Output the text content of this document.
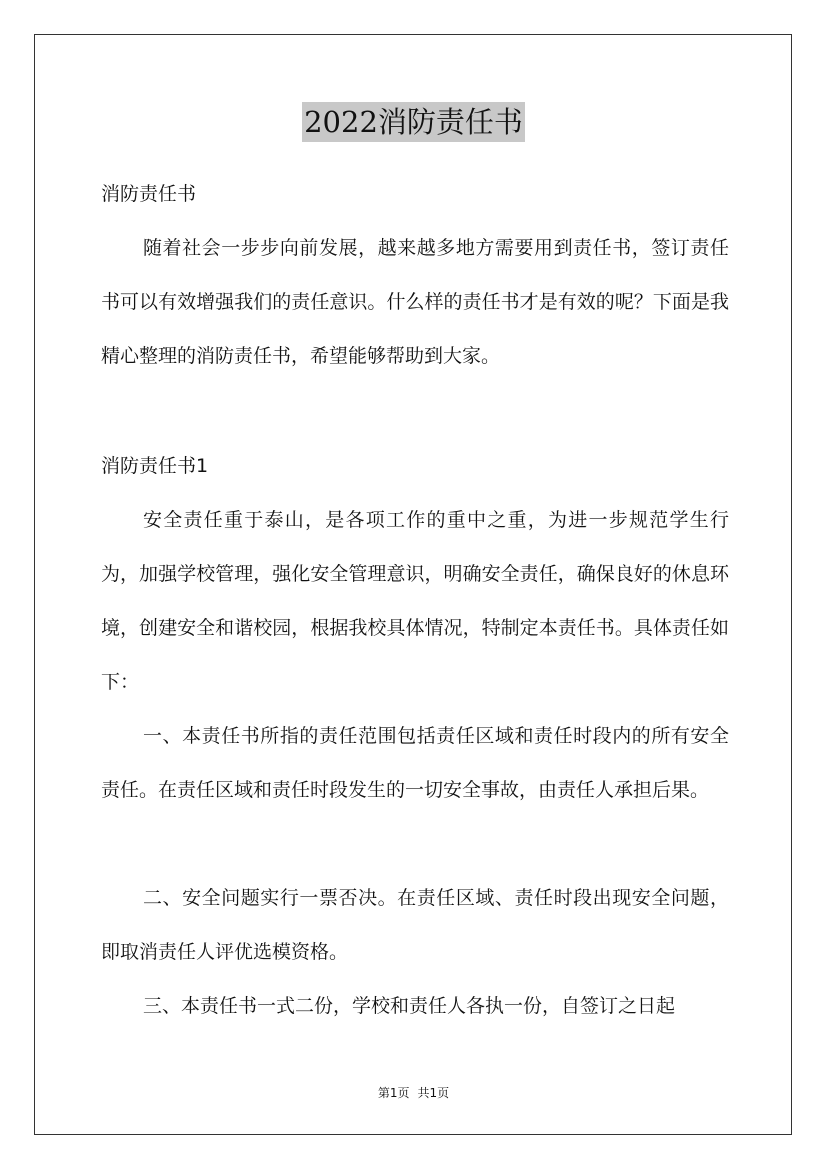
2022消防责任书
消防责任书
随着社会一步步向前发展，越来越多地方需要用到责任书，签订责任书可以有效增强我们的责任意识。什么样的责任书才是有效的呢？下面是我精心整理的消防责任书，希望能够帮助到大家。
消防责任书1
安全责任重于泰山，是各项工作的重中之重，为进一步规范学生行为，加强学校管理，强化安全管理意识，明确安全责任，确保良好的休息环境，创建安全和谐校园，根据我校具体情况，特制定本责任书。具体责任如下：
一、本责任书所指的责任范围包括责任区域和责任时段内的所有安全责任。在责任区域和责任时段发生的一切安全事故，由责任人承担后果。
二、安全问题实行一票否决。在责任区域、责任时段出现安全问题，即取消责任人评优选模资格。
三、本责任书一式二份，学校和责任人各执一份，自签订之日起
第1页 共1页
